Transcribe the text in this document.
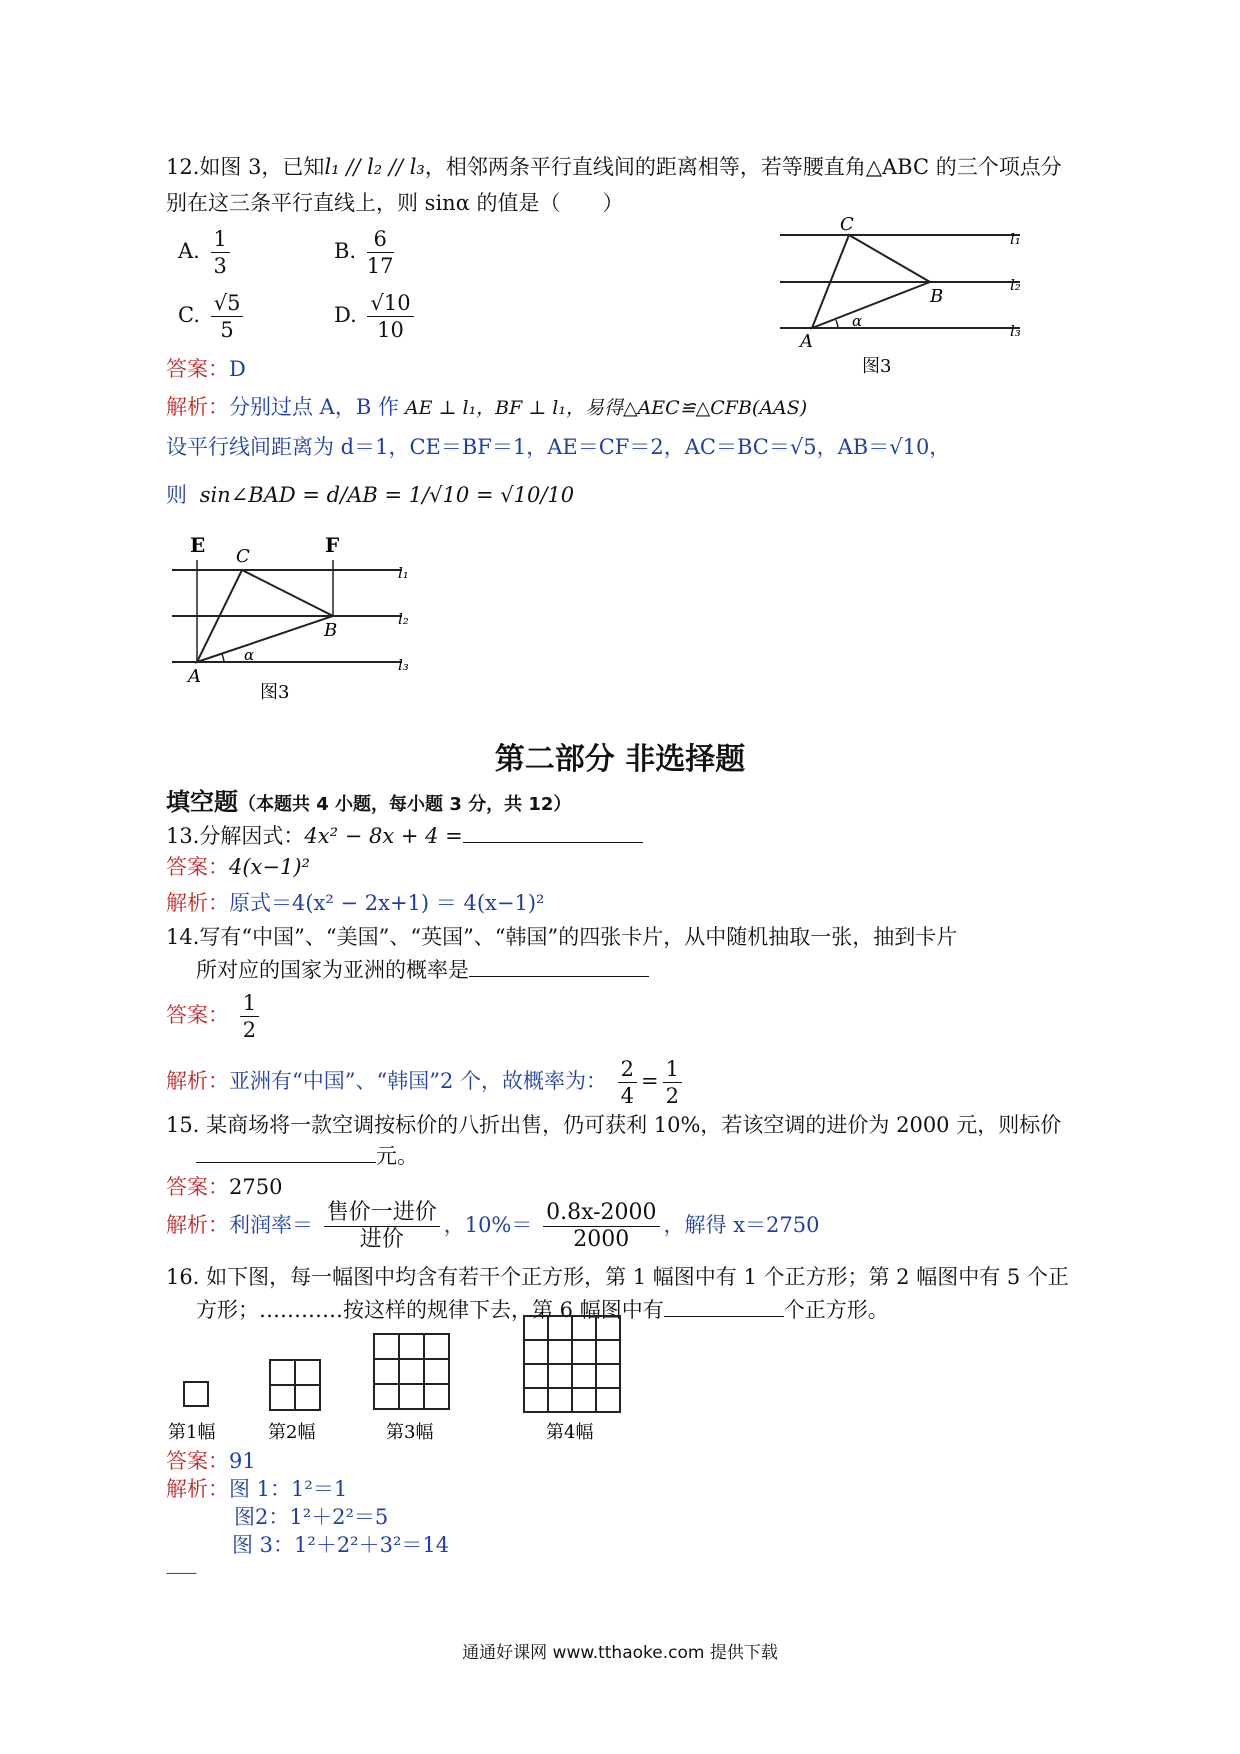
12.如图 3，已知l₁ // l₂ // l₃，相邻两条平行直线间的距离相等，若等腰直角△ABC 的三个项点分
别在这三条平行直线上，则 sinα 的值是（　　）
A. $\frac{1}{3}$	B. $\frac{6}{17}$
C. $\frac{√5}{5}$	D. $\frac{√10}{10}$
C
B
A
α
l₁
l₂
l₃
图3
答案：D
解析：分别过点 A，B 作 AE ⊥ l₁，BF ⊥ l₁，易得△AEC≌△CFB(AAS)
设平行线间距离为 d＝1，CE＝BF＝1，AE＝CF＝2，AC＝BC＝√5，AB＝√10，
则 sin∠BAD = d/AB = 1/√10 = √10/10
E	F
C
B
A
α
l₁
l₂
l₃
图3
第二部分 非选择题
填空题（本题共 4 小题，每小题 3 分，共 12）
13.分解因式：4x² − 8x + 4 =
答案：4(x−1)²
解析：原式＝4(x² − 2x+1) ＝ 4(x−1)²
14.写有“中国”、“美国”、“英国”、“韩国”的四张卡片，从中随机抽取一张，抽到卡片
所对应的国家为亚洲的概率是
答案： $\frac{1}{2}$
解析：亚洲有“中国”、“韩国”2 个，故概率为： $\frac{2}{4} = \frac{1}{2}$
15. 某商场将一款空调按标价的八折出售，仍可获利 10%，若该空调的进价为 2000 元，则标价
元。
答案：2750
解析：利润率＝ $\frac{\text{售价一进价}}{\text{进价}}$ ，$10\%= \frac{0.8x-2000}{2000}$ ，解得 x＝2750
16. 如下图，每一幅图中均含有若干个正方形，第 1 幅图中有 1 个正方形；第 2 幅图中有 5 个正
方形；…………按这样的规律下去，第 6 幅图中有	个正方形。
第1幅	第2幅	第3幅	第4幅
答案：91
解析：图 1：1²＝1
图2：1²＋2²＝5
图 3：1²＋2²＋3²＝14
--------
通通好课网 www.tthaoke.com 提供下载
